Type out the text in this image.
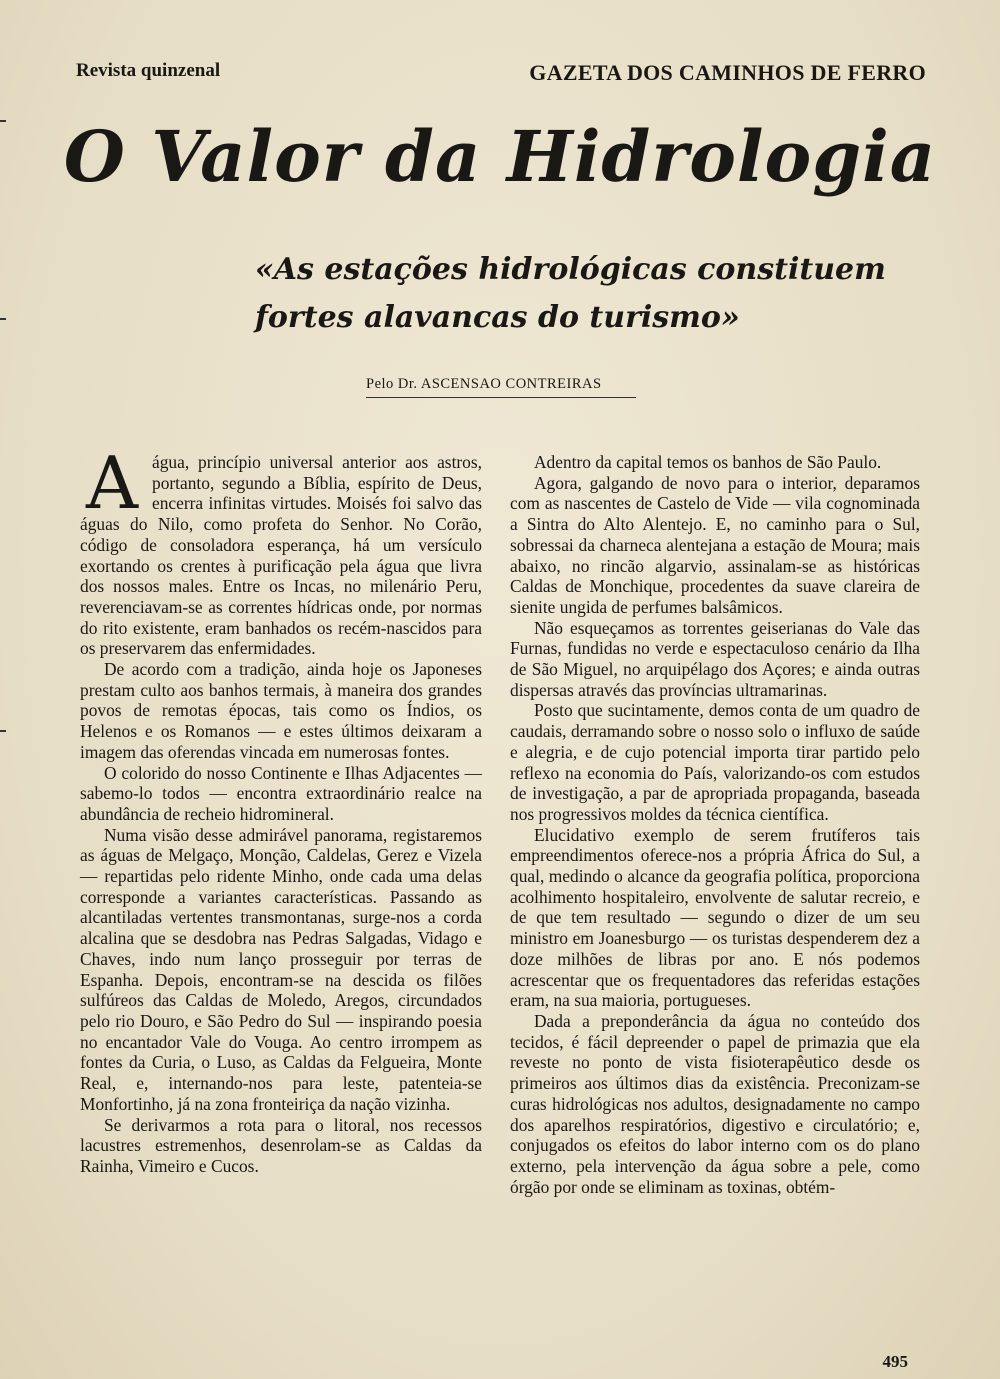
Revista quinzenal	GAZETA DOS CAMINHOS DE FERRO
O Valor da Hidrologia
«As estações hidrológicas constituem
fortes alavancas do turismo»
Pelo Dr. ASCENSAO CONTREIRAS

Aágua, princípio universal anterior aos astros, portanto, segundo a Bíblia, espírito de Deus, encerra infinitas virtudes. Moisés foi salvo das águas do Nilo, como profeta do Senhor. No Corão, código de consoladora esperança, há um versículo exortando os crentes à purificação pela água que livra dos nossos males. Entre os Incas, no milenário Peru, reverenciavam-se as correntes hídricas onde, por normas do rito existente, eram banhados os recém-nascidos para os preservarem das enfermidades.

De acordo com a tradição, ainda hoje os Japoneses prestam culto aos banhos termais, à maneira dos grandes povos de remotas épocas, tais como os Índios, os Helenos e os Romanos — e estes últimos deixaram a imagem das oferendas vincada em numerosas fontes.

O colorido do nosso Continente e Ilhas Adjacentes — sabemo-lo todos — encontra extraordinário realce na abundância de recheio hidromineral.

Numa visão desse admirável panorama, registaremos as águas de Melgaço, Monção, Caldelas, Gerez e Vizela — repartidas pelo ridente Minho, onde cada uma delas corresponde a variantes características. Passando as alcantiladas vertentes transmontanas, surge-nos a corda alcalina que se desdobra nas Pedras Salgadas, Vidago e Chaves, indo num lanço prosseguir por terras de Espanha. Depois, encontram-se na descida os filões sulfúreos das Caldas de Moledo, Aregos, circundados pelo rio Douro, e São Pedro do Sul — inspirando poesia no encantador Vale do Vouga. Ao centro irrompem as fontes da Curia, o Luso, as Caldas da Felgueira, Monte Real, e, internando-nos para leste, patenteia-se Monfortinho, já na zona fronteiriça da nação vizinha.

Se derivarmos a rota para o litoral, nos recessos lacustres estremenhos, desenrolam-se as Caldas da Rainha, Vimeiro e Cucos.

Adentro da capital temos os banhos de São Paulo.

Agora, galgando de novo para o interior, deparamos com as nascentes de Castelo de Vide — vila cognominada a Sintra do Alto Alentejo. E, no caminho para o Sul, sobressai da charneca alentejana a estação de Moura; mais abaixo, no rincão algarvio, assinalam-se as históricas Caldas de Monchique, procedentes da suave clareira de sienite ungida de perfumes balsâmicos.

Não esqueçamos as torrentes geiserianas do Vale das Furnas, fundidas no verde e espectaculoso cenário da Ilha de São Miguel, no arquipélago dos Açores; e ainda outras dispersas através das províncias ultramarinas.

Posto que sucintamente, demos conta de um quadro de caudais, derramando sobre o nosso solo o influxo de saúde e alegria, e de cujo potencial importa tirar partido pelo reflexo na economia do País, valorizando-os com estudos de investigação, a par de apropriada propaganda, baseada nos progressivos moldes da técnica científica.

Elucidativo exemplo de serem frutíferos tais empreendimentos oferece-nos a própria África do Sul, a qual, medindo o alcance da geografia política, proporciona acolhimento hospitaleiro, envolvente de salutar recreio, e de que tem resultado — segundo o dizer de um seu ministro em Joanesburgo — os turistas despenderem dez a doze milhões de libras por ano. E nós podemos acrescentar que os frequentadores das referidas estações eram, na sua maioria, portugueses.

Dada a preponderância da água no conteúdo dos tecidos, é fácil depreender o papel de primazia que ela reveste no ponto de vista fisioterapêutico desde os primeiros aos últimos dias da existência. Preconizam-se curas hidrológicas nos adultos, designadamente no campo dos aparelhos respiratórios, digestivo e circulatório; e, conjugados os efeitos do labor interno com os do plano externo, pela intervenção da água sobre a pele, como órgão por onde se eliminam as toxinas, obtém-

495
